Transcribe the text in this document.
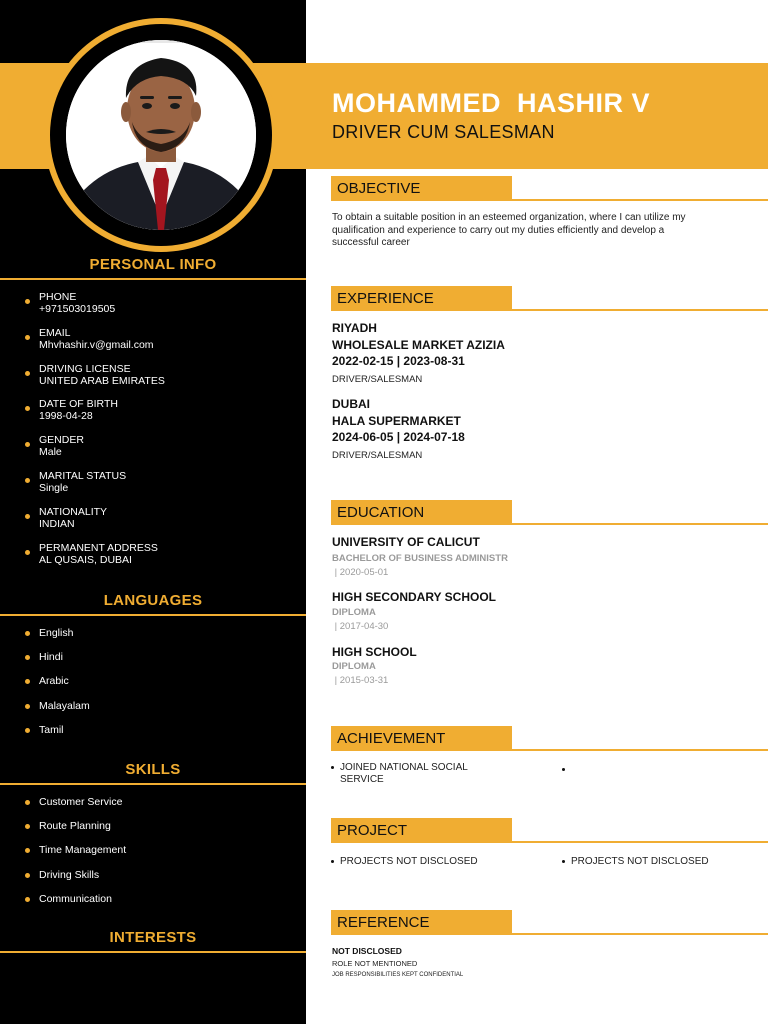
PERSONAL INFO
PHONE
+971503019505
EMAIL
Mhvhashir.v@gmail.com
DRIVING LICENSE
UNITED ARAB EMIRATES
DATE OF BIRTH
1998-04-28
GENDER
Male
MARITAL STATUS
Single
NATIONALITY
INDIAN
PERMANENT ADDRESS
AL QUSAIS, DUBAI
LANGUAGES
English
Hindi
Arabic
Malayalam
Tamil
SKILLS
Customer Service
Route Planning
Time Management
Driving Skills
Communication
INTERESTS
MOHAMMED  HASHIR V
DRIVER CUM SALESMAN
OBJECTIVE
To obtain a suitable position in an esteemed organization, where I can utilize my qualification and experience to carry out my duties efficiently and develop a successful career
EXPERIENCE
RIYADH
WHOLESALE MARKET AZIZIA
2022-02-15 | 2023-08-31
DRIVER/SALESMAN
DUBAI
HALA SUPERMARKET
2024-06-05 | 2024-07-18
DRIVER/SALESMAN
EDUCATION
UNIVERSITY OF CALICUT
BACHELOR OF BUSINESS ADMINISTR
| 2020-05-01
HIGH SECONDARY SCHOOL
DIPLOMA
| 2017-04-30
HIGH SCHOOL
DIPLOMA
| 2015-03-31
ACHIEVEMENT
JOINED NATIONAL SOCIAL SERVICE
PROJECT
PROJECTS NOT DISCLOSED	PROJECTS NOT DISCLOSED
REFERENCE
NOT DISCLOSED
ROLE NOT MENTIONED
JOB RESPONSIBILITIES KEPT CONFIDENTIAL
